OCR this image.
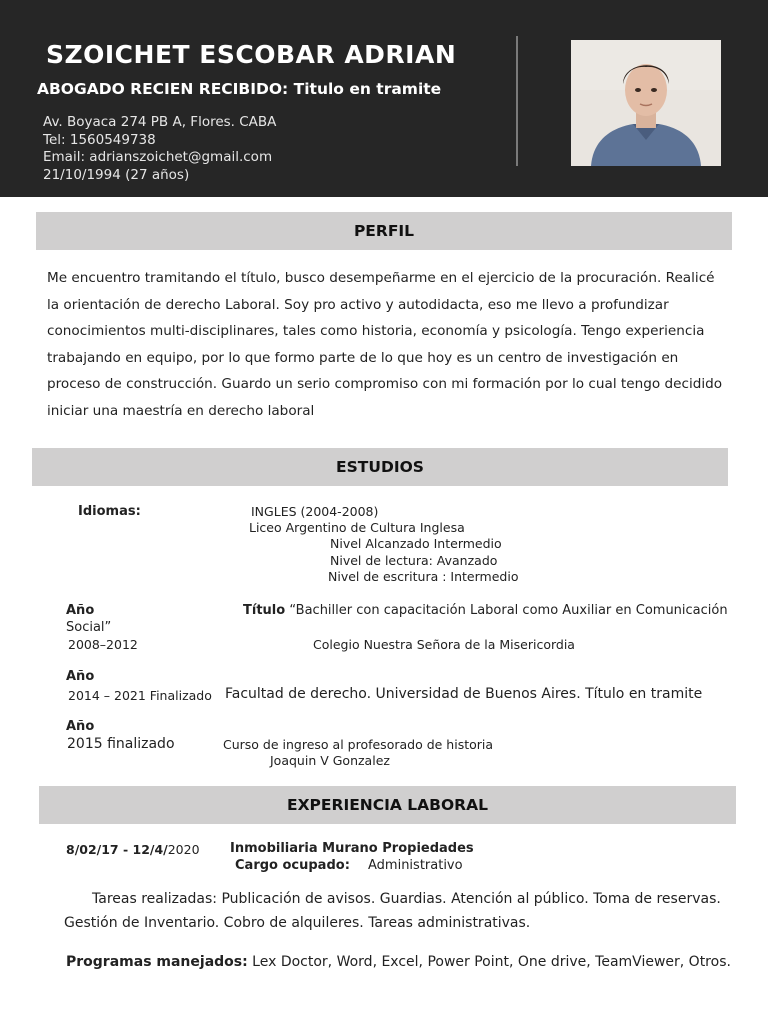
SZOICHET ESCOBAR ADRIAN
ABOGADO RECIEN RECIBIDO: Titulo en tramite
Av. Boyaca 274 PB A, Flores. CABA
Tel: 1560549738
Email: adrianszoichet@gmail.com
21/10/1994 (27 años)
PERFIL
Me encuentro tramitando el título, busco desempeñarme en el ejercicio de la procuración. Realicé
la orientación de derecho Laboral. Soy pro activo y autodidacta, eso me llevo a profundizar
conocimientos multi-disciplinares, tales como historia, economía y psicología. Tengo experiencia
trabajando en equipo, por lo que formo parte de lo que hoy es un centro de investigación en
proceso de construcción. Guardo un serio compromiso con mi formación por lo cual tengo decidido
iniciar una maestría en derecho laboral
ESTUDIOS
Idiomas:	INGLES (2004-2008)
Liceo Argentino de Cultura Inglesa
Nivel Alcanzado Intermedio
Nivel de lectura: Avanzado
Nivel de escritura : Intermedio
Año	Título “Bachiller con capacitación Laboral como Auxiliar en Comunicación
Social”
2008–2012	Colegio Nuestra Señora de la Misericordia
Año
2014 – 2021 Finalizado Facultad de derecho. Universidad de Buenos Aires. Título en tramite
Año
2015 finalizado	Curso de ingreso al profesorado de historia
Joaquin V Gonzalez
EXPERIENCIA LABORAL
8/02/17 - 12/4/2020 Inmobiliaria Murano Propiedades
Cargo ocupado: Administrativo
Tareas realizadas: Publicación de avisos. Guardias. Atención al público. Toma de reservas.
Gestión de Inventario. Cobro de alquileres. Tareas administrativas.
Programas manejados: Lex Doctor, Word, Excel, Power Point, One drive, TeamViewer, Otros.
